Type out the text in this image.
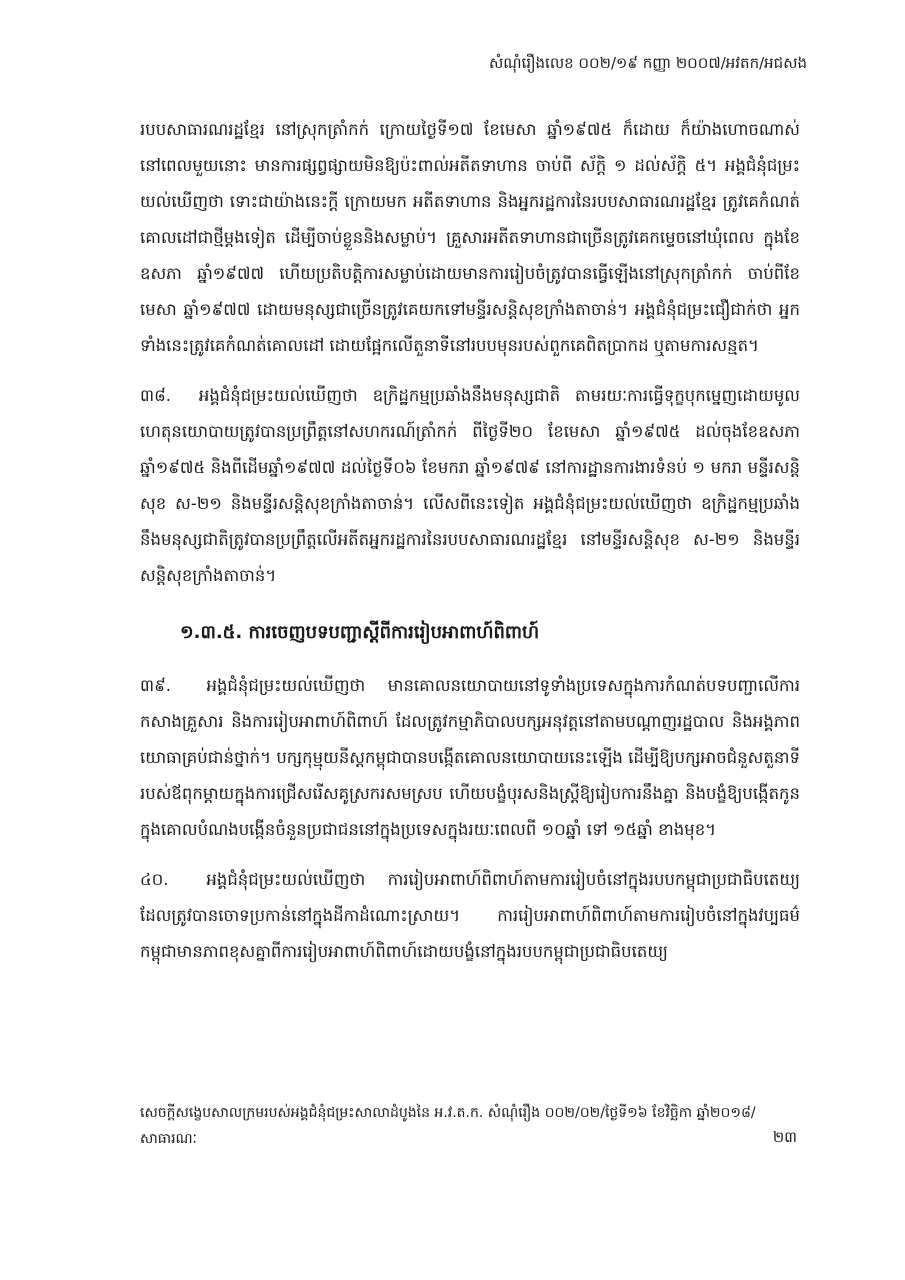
សំណុំរឿងលេខ ០០២/១៩ កញ្ញា ២០០៧/អវតក/អជសង

របបសាធារណរដ្ឋខ្មែរ នៅស្រុកត្រាំកក់ ក្រោយថ្ងៃទី១៧ ខែមេសា ឆ្នាំ១៩៧៥ ក៏ដោយ ក៏យ៉ាងហោចណាស់ នៅពេលមួយនោះ មានការផ្សព្វផ្សាយមិនឱ្យប៉ះពាល់អតីតទាហាន ចាប់ពី ស័ក្តិ ១ ដល់ស័ក្តិ ៥។ អង្គជំនុំជម្រះយល់ឃើញថា ទោះជាយ៉ាងនេះក្តី ក្រោយមក អតីតទាហាន និងអ្នករដ្ឋការនៃរបបសាធារណរដ្ឋខ្មែរ ត្រូវគេកំណត់គោលដៅជាថ្មីម្តងទៀត ដើម្បីចាប់ខ្លួននិងសម្លាប់។ គ្រួសារអតីតទាហានជាច្រើនត្រូវគេកម្ទេចនៅឃុំពេល ក្នុងខែឧសភា ឆ្នាំ១៩៧៧ ហើយប្រតិបត្តិការសម្លាប់ដោយមានការរៀបចំត្រូវបានធ្វើឡើងនៅស្រុកត្រាំកក់ ចាប់ពីខែមេសា ឆ្នាំ១៩៧៧ ដោយមនុស្សជាច្រើនត្រូវគេយកទៅមន្ទីរសន្តិសុខក្រាំងតាចាន់។ អង្គជំនុំជម្រះជឿជាក់ថា អ្នកទាំងនេះត្រូវគេកំណត់គោលដៅ ដោយផ្អែកលើតួនាទីនៅរបបមុនរបស់ពួកគេពិតប្រាកដ ឬតាមការសន្មត។

៣៨. អង្គជំនុំជម្រះយល់ឃើញថា ឧក្រិដ្ឋកម្មប្រឆាំងនឹងមនុស្សជាតិ តាមរយៈការធ្វើទុក្ខបុកម្នេញដោយមូលហេតុនយោបាយត្រូវបានប្រព្រឹត្តនៅសហករណ៍ត្រាំកក់ ពីថ្ងៃទី២០ ខែមេសា ឆ្នាំ១៩៧៥ ដល់ចុងខែឧសភា ឆ្នាំ១៩៧៥ និងពីដើមឆ្នាំ១៩៧៧ ដល់ថ្ងៃទី០៦ ខែមករា ឆ្នាំ១៩៧៩ នៅការដ្ឋានការងារទំនប់ ១ មករា មន្ទីរសន្តិសុខ ស-២១ និងមន្ទីរសន្តិសុខក្រាំងតាចាន់។ លើសពីនេះទៀត អង្គជំនុំជម្រះយល់ឃើញថា ឧក្រិដ្ឋកម្មប្រឆាំងនឹងមនុស្សជាតិត្រូវបានប្រព្រឹត្តលើអតីតអ្នករដ្ឋការនៃរបបសាធារណរដ្ឋខ្មែរ នៅមន្ទីរសន្តិសុខ ស-២១ និងមន្ទីរសន្តិសុខក្រាំងតាចាន់។

១.៣.៥. ការចេញបទបញ្ជាស្តីពីការរៀបអាពាហ៍ពិពាហ៍

៣៩. អង្គជំនុំជម្រះយល់ឃើញថា មានគោលនយោបាយនៅទូទាំងប្រទេសក្នុងការកំណត់បទបញ្ជាលើការកសាងគ្រួសារ និងការរៀបអាពាហ៍ពិពាហ៍ ដែលត្រូវកម្មាភិបាលបក្សអនុវត្តនៅតាមបណ្តាញរដ្ឋបាល និងអង្គភាពយោធាគ្រប់ជាន់ថ្នាក់។ បក្សកុម្មុយនីស្តកម្ពុជាបានបង្កើតគោលនយោបាយនេះឡើង ដើម្បីឱ្យបក្សអាចជំនួសតួនាទីរបស់ឪពុកម្តាយក្នុងការជ្រើសរើសគូស្រករសមស្រប ហើយបង្ខំបុរសនិងស្ត្រីឱ្យរៀបការនឹងគ្នា និងបង្ខំឱ្យបង្កើតកូនក្នុងគោលបំណងបង្កើនចំនួនប្រជាជននៅក្នុងប្រទេសក្នុងរយៈពេលពី ១០ឆ្នាំ ទៅ ១៥ឆ្នាំ ខាងមុខ។

៤០. អង្គជំនុំជម្រះយល់ឃើញថា ការរៀបអាពាហ៍ពិពាហ៍តាមការរៀបចំនៅក្នុងរបបកម្ពុជាប្រជាធិបតេយ្យ ដែលត្រូវបានចោទប្រកាន់នៅក្នុងដីកាដំណោះស្រាយ។ ការរៀបអាពាហ៍ពិពាហ៍តាមការរៀបចំនៅក្នុងវប្បធម៌កម្ពុជាមានភាពខុសគ្នាពីការរៀបអាពាហ៍ពិពាហ៍ដោយបង្ខំនៅក្នុងរបបកម្ពុជាប្រជាធិបតេយ្យ

សេចក្តីសង្ខេបសាលក្រមរបស់អង្គជំនុំជម្រះសាលាដំបូងនៃ អ.វ.ត.ក. សំណុំរឿង ០០២/០២/ថ្ងៃទី១៦ ខែវិច្ឆិកា ឆ្នាំ២០១៨/សាធារណៈ	២៣
